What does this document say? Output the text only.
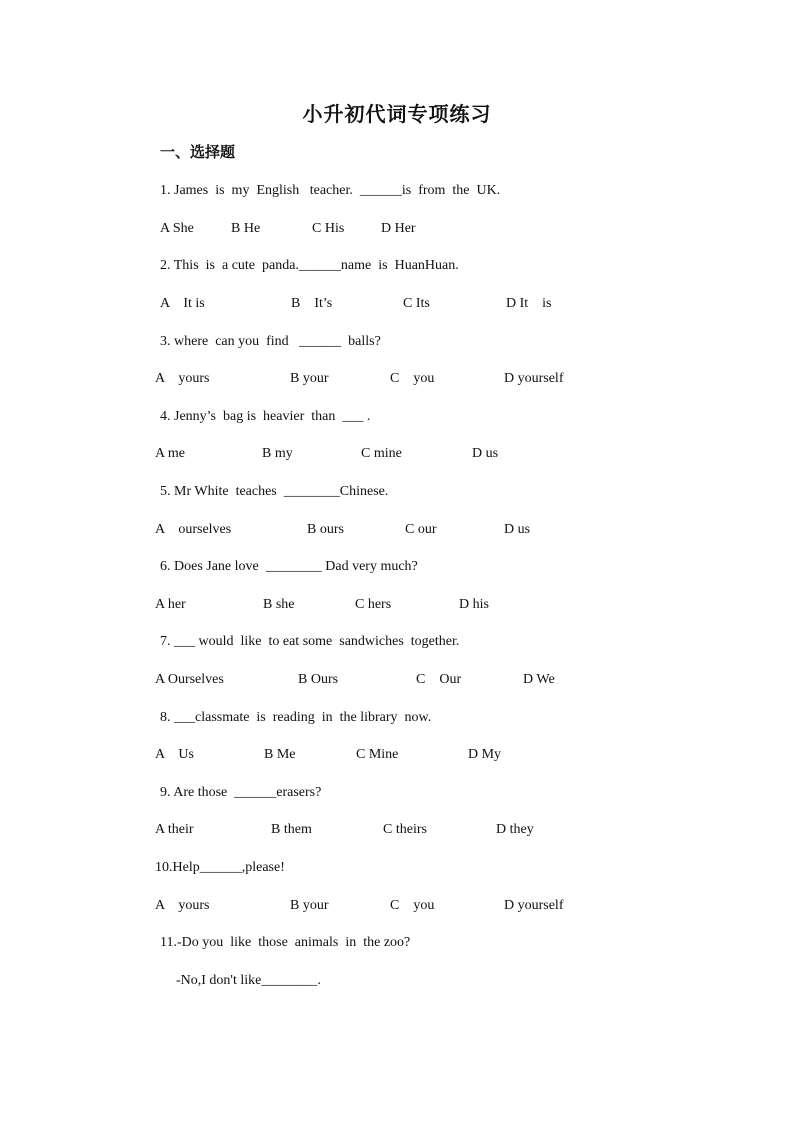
小升初代词专项练习
一、选择题
1. James  is  my  English   teacher.  ______is  from  the  UK.
A She	B He	C His	D Her
2. This  is  a cute  panda.______name  is  HuanHuan.
A    It is	B    It’s	C Its	D It    is
3. where  can you  find   ______  balls?
A    yours	B your	C    you	D yourself
4. Jenny’s  bag is  heavier  than  ___ .
A me	B my	C mine	D us
5. Mr White  teaches  ________Chinese.
A    ourselves	B ours	C our	D us
6. Does Jane love  ________ Dad very much?
A her	B she	C hers	D his
7. ___ would  like  to eat some  sandwiches  together.
A Ourselves	B Ours	C    Our	D We
8. ___classmate  is  reading  in  the library  now.
A    Us	B Me	C Mine	D My
9. Are those  ______erasers?
A their	B them	C theirs	D they
10.Help______,please!
A    yours	B your	C    you	D yourself
11.-Do you  like  those  animals  in  the zoo?
-No,I don't like________.
